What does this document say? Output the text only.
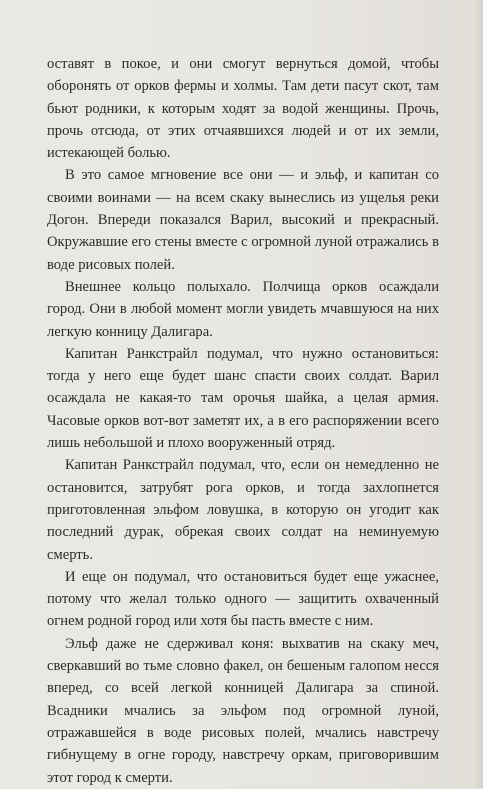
оставят в покое, и они смогут вернуться домой, чтобы оборонять от орков фермы и холмы. Там дети пасут скот, там бьют родники, к которым ходят за водой женщины. Прочь, прочь отсюда, от этих отчаявшихся людей и от их земли, истекающей болью.

В это самое мгновение все они — и эльф, и капитан со своими воинами — на всем скаку вынеслись из ущелья реки Догон. Впереди показался Варил, высокий и прекрасный. Окружавшие его стены вместе с огромной луной отражались в воде рисовых полей.

Внешнее кольцо полыхало. Полчища орков осаждали город. Они в любой момент могли увидеть мчавшуюся на них легкую конницу Далигара.

Капитан Ранкстрайл подумал, что нужно остановиться: тогда у него еще будет шанс спасти своих солдат. Варил осаждала не какая-то там орочья шайка, а целая армия. Часовые орков вот-вот заметят их, а в его распоряжении всего лишь небольшой и плохо вооруженный отряд.

Капитан Ранкстрайл подумал, что, если он немедленно не остановится, затрубят рога орков, и тогда захлопнется приготовленная эльфом ловушка, в которую он угодит как последний дурак, обрекая своих солдат на неминуемую смерть.

И еще он подумал, что остановиться будет еще ужаснее, потому что желал только одного — защитить охваченный огнем родной город или хотя бы пасть вместе с ним.

Эльф даже не сдерживал коня: выхватив на скаку меч, сверкавший во тьме словно факел, он бешеным галопом несся вперед, со всей легкой конницей Далигара за спиной. Всадники мчались за эльфом под огромной луной, отражавшейся в воде рисовых полей, мчались навстречу гибнущему в огне городу, навстречу оркам, приговорившим этот город к смерти.
